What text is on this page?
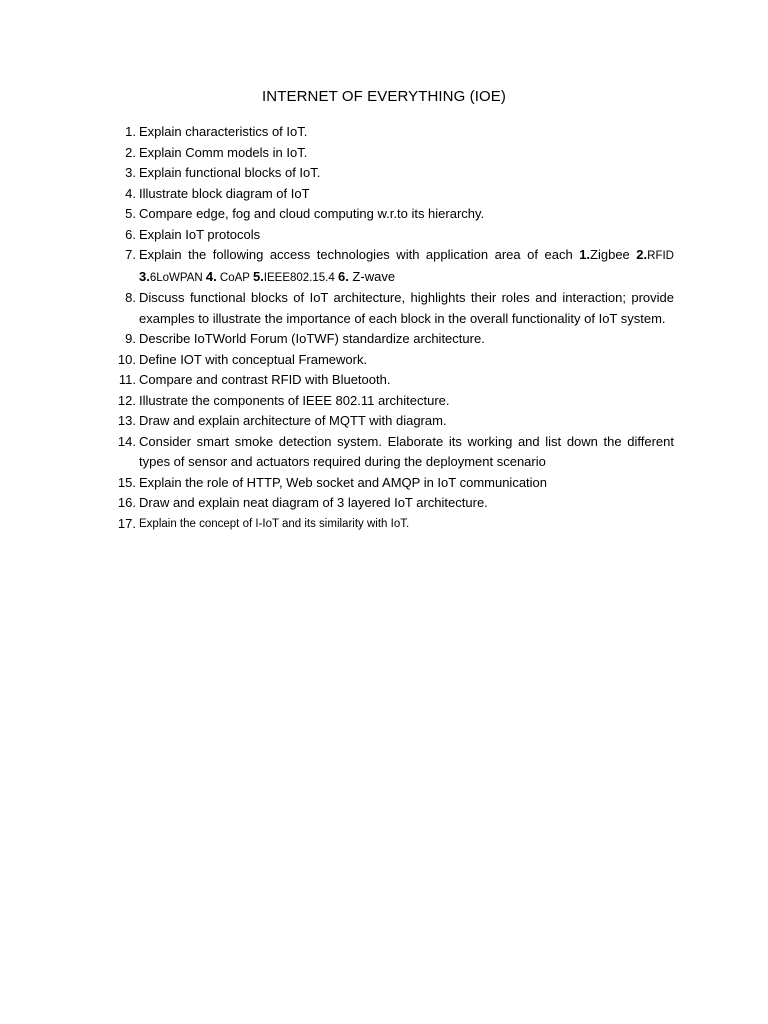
INTERNET OF EVERYTHING (IOE)
1. Explain characteristics of IoT.
2. Explain Comm models in IoT.
3. Explain functional blocks of IoT.
4. Illustrate block diagram of IoT
5. Compare edge, fog and cloud computing w.r.to its hierarchy.
6. Explain IoT protocols
7. Explain the following access technologies with application area of each 1.Zigbee 2.RFID 3.6LoWPAN 4. CoAP 5.IEEE802.15.4 6. Z-wave
8. Discuss functional blocks of IoT architecture, highlights their roles and interaction; provide examples to illustrate the importance of each block in the overall functionality of IoT system.
9. Describe IoTWorld Forum (IoTWF) standardize architecture.
10. Define IOT with conceptual Framework.
11. Compare and contrast RFID with Bluetooth.
12. Illustrate the components of IEEE 802.11 architecture.
13. Draw and explain architecture of MQTT with diagram.
14. Consider smart smoke detection system. Elaborate its working and list down the different types of sensor and actuators required during the deployment scenario
15. Explain the role of HTTP, Web socket and AMQP in IoT communication
16. Draw and explain neat diagram of 3 layered IoT architecture.
17. Explain the concept of I-IoT and its similarity with IoT.
